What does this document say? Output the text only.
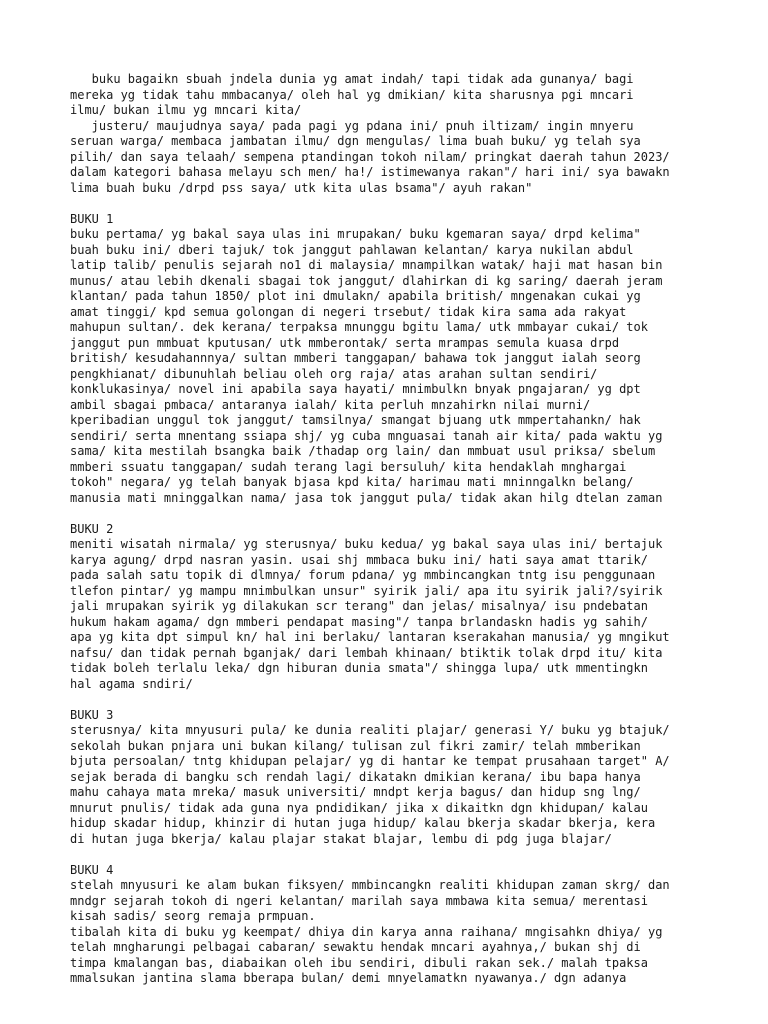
buku bagaikn sbuah jndela dunia yg amat indah/ tapi tidak ada gunanya/ bagi

mereka yg tidak tahu mmbacanya/ oleh hal yg dmikian/ kita sharusnya pgi mncari

ilmu/ bukan ilmu yg mncari kita/

justeru/ maujudnya saya/ pada pagi yg pdana ini/ pnuh iltizam/ ingin mnyeru

seruan warga/ membaca jambatan ilmu/ dgn mengulas/ lima buah buku/ yg telah sya

pilih/ dan saya telaah/ sempena ptandingan tokoh nilam/ pringkat daerah tahun 2023/

dalam kategori bahasa melayu sch men/ ha!/ istimewanya rakan"/ hari ini/ sya bawakn

lima buah buku /drpd pss saya/ utk kita ulas bsama"/ ayuh rakan"

BUKU 1

buku pertama/ yg bakal saya ulas ini mrupakan/ buku kgemaran saya/ drpd kelima"

buah buku ini/ dberi tajuk/ tok janggut pahlawan kelantan/ karya nukilan abdul

latip talib/ penulis sejarah no1 di malaysia/ mnampilkan watak/ haji mat hasan bin

munus/ atau lebih dkenali sbagai tok janggut/ dlahirkan di kg saring/ daerah jeram

klantan/ pada tahun 1850/ plot ini dmulakn/ apabila british/ mngenakan cukai yg

amat tinggi/ kpd semua golongan di negeri trsebut/ tidak kira sama ada rakyat

mahupun sultan/. dek kerana/ terpaksa mnunggu bgitu lama/ utk mmbayar cukai/ tok

janggut pun mmbuat kputusan/ utk mmberontak/ serta mrampas semula kuasa drpd

british/ kesudahannnya/ sultan mmberi tanggapan/ bahawa tok janggut ialah seorg

pengkhianat/ dibunuhlah beliau oleh org raja/ atas arahan sultan sendiri/

konklukasinya/ novel ini apabila saya hayati/ mnimbulkn bnyak pngajaran/ yg dpt

ambil sbagai pmbaca/ antaranya ialah/ kita perluh mnzahirkn nilai murni/

kperibadian unggul tok janggut/ tamsilnya/ smangat bjuang utk mmpertahankn/ hak

sendiri/ serta mnentang ssiapa shj/ yg cuba mnguasai tanah air kita/ pada waktu yg

sama/ kita mestilah bsangka baik /thadap org lain/ dan mmbuat usul priksa/ sbelum

mmberi ssuatu tanggapan/ sudah terang lagi bersuluh/ kita hendaklah mnghargai

tokoh" negara/ yg telah banyak bjasa kpd kita/ harimau mati mninngalkn belang/

manusia mati mninggalkan nama/ jasa tok janggut pula/ tidak akan hilg dtelan zaman

BUKU 2

meniti wisatah nirmala/ yg sterusnya/ buku kedua/ yg bakal saya ulas ini/ bertajuk

karya agung/ drpd nasran yasin. usai shj mmbaca buku ini/ hati saya amat ttarik/

pada salah satu topik di dlmnya/ forum pdana/ yg mmbincangkan tntg isu penggunaan

tlefon pintar/ yg mampu mnimbulkan unsur" syirik jali/ apa itu syirik jali?/syirik

jali mrupakan syirik yg dilakukan scr terang" dan jelas/ misalnya/ isu pndebatan

hukum hakam agama/ dgn mmberi pendapat masing"/ tanpa brlandaskn hadis yg sahih/

apa yg kita dpt simpul kn/ hal ini berlaku/ lantaran kserakahan manusia/ yg mngikut

nafsu/ dan tidak pernah bganjak/ dari lembah khinaan/ btiktik tolak drpd itu/ kita

tidak boleh terlalu leka/ dgn hiburan dunia smata"/ shingga lupa/ utk mmentingkn

hal agama sndiri/

BUKU 3

sterusnya/ kita mnyusuri pula/ ke dunia realiti plajar/ generasi Y/ buku yg btajuk/

sekolah bukan pnjara uni bukan kilang/ tulisan zul fikri zamir/ telah mmberikan

bjuta persoalan/ tntg khidupan pelajar/ yg di hantar ke tempat prusahaan target" A/

sejak berada di bangku sch rendah lagi/ dikatakn dmikian kerana/ ibu bapa hanya

mahu cahaya mata mreka/ masuk universiti/ mndpt kerja bagus/ dan hidup sng lng/

mnurut pnulis/ tidak ada guna nya pndidikan/ jika x dikaitkn dgn khidupan/ kalau

hidup skadar hidup, khinzir di hutan juga hidup/ kalau bkerja skadar bkerja, kera

di hutan juga bkerja/ kalau plajar stakat blajar, lembu di pdg juga blajar/

BUKU 4

stelah mnyusuri ke alam bukan fiksyen/ mmbincangkn realiti khidupan zaman skrg/ dan

mndgr sejarah tokoh di ngeri kelantan/ marilah saya mmbawa kita semua/ merentasi

kisah sadis/ seorg remaja prmpuan.

tibalah kita di buku yg keempat/ dhiya din karya anna raihana/ mngisahkn dhiya/ yg

telah mngharungi pelbagai cabaran/ sewaktu hendak mncari ayahnya,/ bukan shj di

timpa kmalangan bas, diabaikan oleh ibu sendiri, dibuli rakan sek./ malah tpaksa

mmalsukan jantina slama bberapa bulan/ demi mnyelamatkn nyawanya./ dgn adanya
